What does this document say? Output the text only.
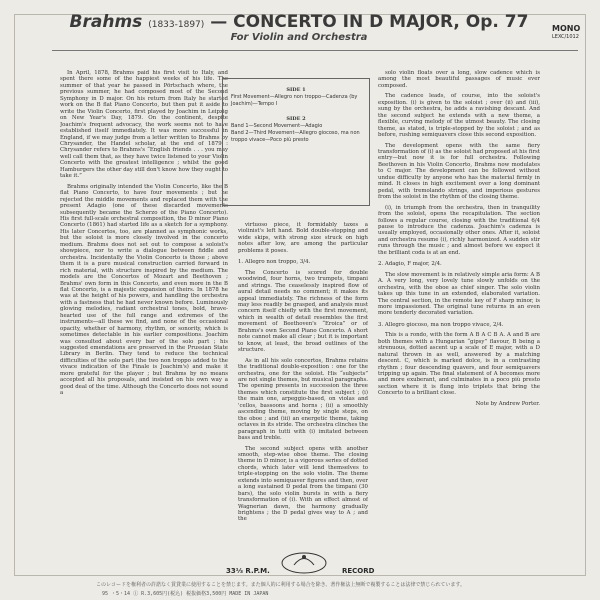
Brahms (1833-1897) — CONCERTO IN D MAJOR, Op. 77
For Violin and Orchestra
MONO
LEXC/1012

In April, 1878, Brahms paid his first visit to Italy, and spent there some of the happiest weeks of his life. The summer of that year he passed in Pörtschach where, the previous summer, he had composed most of the Second Symphony in D major. On his return from Italy he started work on the B flat Piano Concerto, but then put it aside to write the Violin Concerto, first played by Joachim in Leipzig on New Year's Day, 1879. On the continent, despite Joachim's frequent advocacy, the work seems not to have established itself immediately. It was more successful in England, if we may judge from a letter written to Brahms by Chrysander, the Handel scholar, at the end of 1879 : Chrysander refers to Brahms's “English friends . . . you may well call them that, as they have twice listened to your Violin Concerto with the greatest intelligence ; whilst the good Hamburgers the other day still don't know how they ought to take it.”

Brahms originally intended the Violin Concerto, like the B flat Piano Concerto, to have four movements ; but he rejected the middle movements and replaced them with the present Adagio (one of these discarded movements subsequently became the Scherzo of the Piano Concerto). His first full-scale orchestral composition, the D minor Piano Concerto (1861) had started life as a sketch for a symphony. His later Concertos, too, are planned as symphonic works, but the soloist is more closely involved in the concerto medium. Brahms does not set out to compose a soloist's showpiece, nor to write a dialogue between fiddle and orchestra. Incidentally the Violin Concerto is those ; above them it is a pure musical construction carried forward in rich material, with structure inspired by the medium. The models are the Concertos of Mozart and Beethoven ; Brahms' own form in this Concerto, and even more in the B flat Concerto, is a majestic expansion of theirs. In 1878 he was at the height of his powers, and handling the orchestra with a fastness that he had never known before. Luminously glowing melodies, radiant orchestral tones, bold, brave-hearted use of the full range and extremes of the instruments—all these we find, and none of the occasional opacity, whether of harmony, rhythm, or sonority, which is sometimes detectable in his earlier compositions. Joachim was consulted about every bar of the solo part ; his suggested emendations are preserved in the Prussian State Library in Berlin. They tend to reduce the technical difficulties of the solo part (the two non troppo added to the vivace indication of the Finale is Joachim's) and make it more grateful for the player ; but Brahms by no means accepted all his proposals, and insisted on his own way a good deal of the time. Although the Concerto does not sound a

SIDE 1
First Movement—Allegro non troppo—Cadenza (by Joachim)—Tempo I
SIDE 2
Band 1—Second Movement—Adagio
Band 2—Third Movement—Allegro giocoso, ma non troppo vivace—Poco più presto

virtuoso piece, it formidably taxes a violinist's left hand. Bold double-stopping and wide skips, with strong size struck on high notes after low, are among the particular problems it poses.

1. Allegro non troppo, 3/4.

The Concerto is scored for double woodwind, four horns, two trumpets, timpani and strings. The ceaselessly inspired flow of aural detail needs no comment; it makes its appeal immediately. The richness of the form may less readily be grasped, and analysis must concern itself chiefly with the first movement, which in wealth of detail resembles the first movement of Beethoven's “Eroica” or of Brahms's own Second Piano Concerto. A short note cannot make all clear ; but it is important to know, at least, the broad outlines of the structure.

As in all his solo concertos, Brahms retains the traditional double-exposition : one for the orchestra, one for the soloist. His “subjects” are not single themes, but musical paragraphs. The opening presents in succession the three themes which constitute the first subject ; (i) the main one, arpeggio-based, on violas and 'cellos, bassoons and horns ; (ii) a smoothly ascending theme, moving by single steps, on the oboe ; and (iii) an energetic theme, taking octaves in its stride. The orchestra clinches the paragraph in tutti with (i) imitated between bass and treble.

The second subject opens with another smooth, step-wise oboe theme. The closing theme in D minor, is a vigorous series of dotted chords, which later will lend themselves to triple-stopping on the solo violin. The theme extends into semiquaver figures and then, over a long sustained D pedal from the timpani (30 bars), the solo violin bursts in with a fiery transformation of (i). With an effect almost of Wagnerian dawn, the harmony gradually brightens ; the D pedal gives way to A ; and the

solo violin floats over a long, slow cadence which is among the most beautiful passages of music ever composed.

The cadence leads, of course, into the soloist's exposition. (i) is given to the soloist ; over (ii) and (iii), sung by the orchestra, he adds a ravishing descant. And the second subject he extends with a new theme, a flexible, curving melody of the utmost beauty. The closing theme, as stated, is triple-stopped by the soloist ; and as before, rushing semiquavers close this second exposition.

The development opens with the same fiery transformation of (i) as the soloist had proposed at his first entry—but now it is for full orchestra. Following Beethoven in his Violin Concerto, Brahms now modulates to C major. The development can be followed without undue difficulty by anyone who has the material firmly in mind. It closes in high excitement over a long dominant pedal, with tremolando strings, and imperious gestures from the soloist in the rhythm of the closing theme.

(i), in triumph from the orchestra, then in tranquility from the soloist, opens the recapitulation. The section follows a regular course, closing with the traditional 6/4 pause to introduce the cadenza. Joachim's cadenza is usually employed, occasionally other ones. After it, soloist and orchestra resume (i), richly harmonized. A sudden stir runs through the music ; and almost before we expect it the brilliant coda is at an end.

2. Adagio, F major, 2/4.

The slow movement is in relatively simple aria form: A B A. A very long, very lovely tune slowly unfolds on the orchestra, with the oboe as chief singer. The solo violin takes up this tune in an extended, elaborated variation. The central section, in the remote key of F sharp minor, is more impassioned. The original tune returns in an even more tenderly decorated variation.

3. Allegro giocoso, ma non troppo vivace, 2/4.

This is a rondo, with the form A B A C B A. A and B are both themes with a Hungarian “gipsy” flavour, B being a strenuous, dotted ascent up a scale of E major, with a D natural thrown in as well, answered by a matching descent. C, which is marked dolce, is in a contrasting rhythm ; four descending quavers, and four semiquavers tripping up again. The final statement of A becomes more and more exuberant, and culminates in a poco più presto section where it is flung into triplets that bring the Concerto to a brilliant close.

Note by Andrew Porter.

33⅓ R.P.M.	RECORD
このレコードを権利者の許諾なく賃貸業に使用することを禁じます。また個人的に利用する場合を除き、著作権法上無断で複製することは法律で禁じられています。
95 ・5・14 ① R.3,605円(税込) 税抜価格3,500円 MADE IN JAPAN
